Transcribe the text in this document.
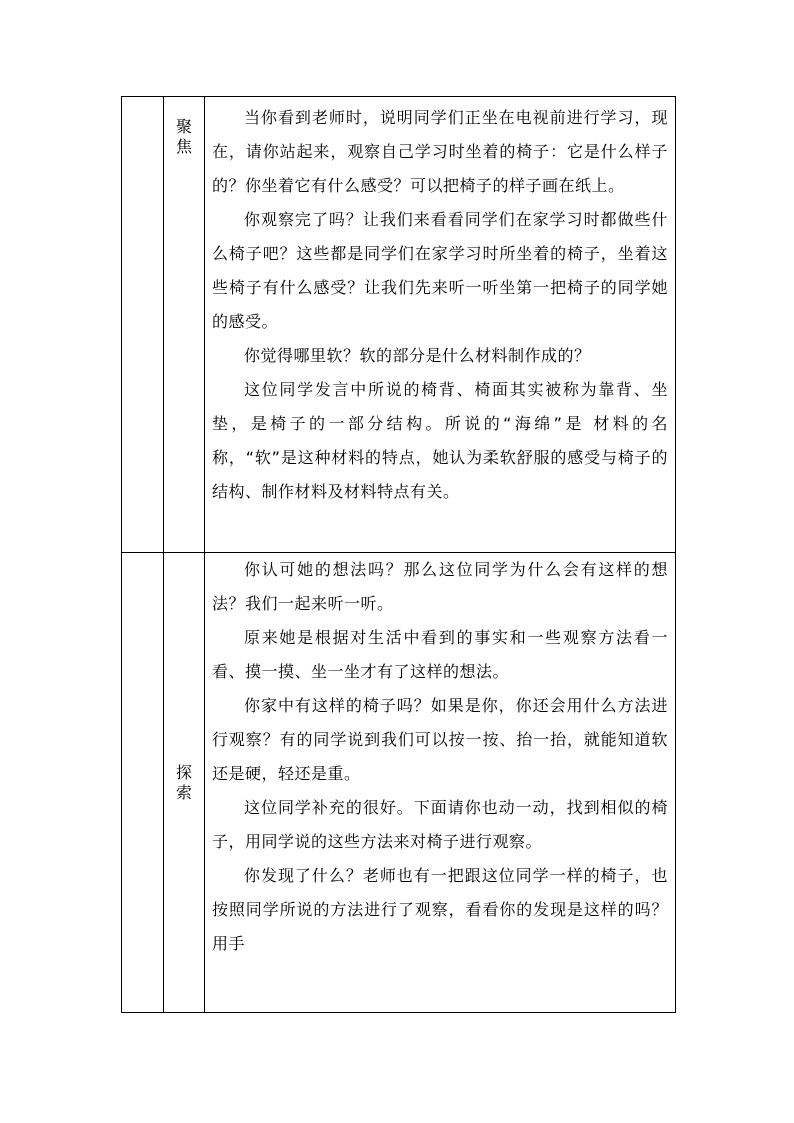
	聚焦	当你看到老师时，说明同学们正坐在电视前进行学习，现在，请你站起来，观察自己学习时坐着的椅子：它是什么样子的？你坐着它有什么感受？可以把椅子的样子画在纸上。

你观察完了吗？让我们来看看同学们在家学习时都做些什么椅子吧？这些都是同学们在家学习时所坐着的椅子，坐着这些椅子有什么感受？让我们先来听一听坐第一把椅子的同学她的感受。

你觉得哪里软？软的部分是什么材料制作成的？

这位同学发言中所说的椅背、椅面其实被称为靠背、坐垫，是椅子的一部分结构。所说的“海绵”是 材料的名称，“软”是这种材料的特点，她认为柔软舒服的感受与椅子的结构、制作材料及材料特点有关。

	探索	你认可她的想法吗？那么这位同学为什么会有这样的想法？我们一起来听一听。

原来她是根据对生活中看到的事实和一些观察方法看一看、摸一摸、坐一坐才有了这样的想法。

你家中有这样的椅子吗？如果是你，你还会用什么方法进行观察？有的同学说到我们可以按一按、抬一抬，就能知道软还是硬，轻还是重。

这位同学补充的很好。下面请你也动一动，找到相似的椅子，用同学说的这些方法来对椅子进行观察。

你发现了什么？老师也有一把跟这位同学一样的椅子，也按照同学所说的方法进行了观察，看看你的发现是这样的吗？用手
